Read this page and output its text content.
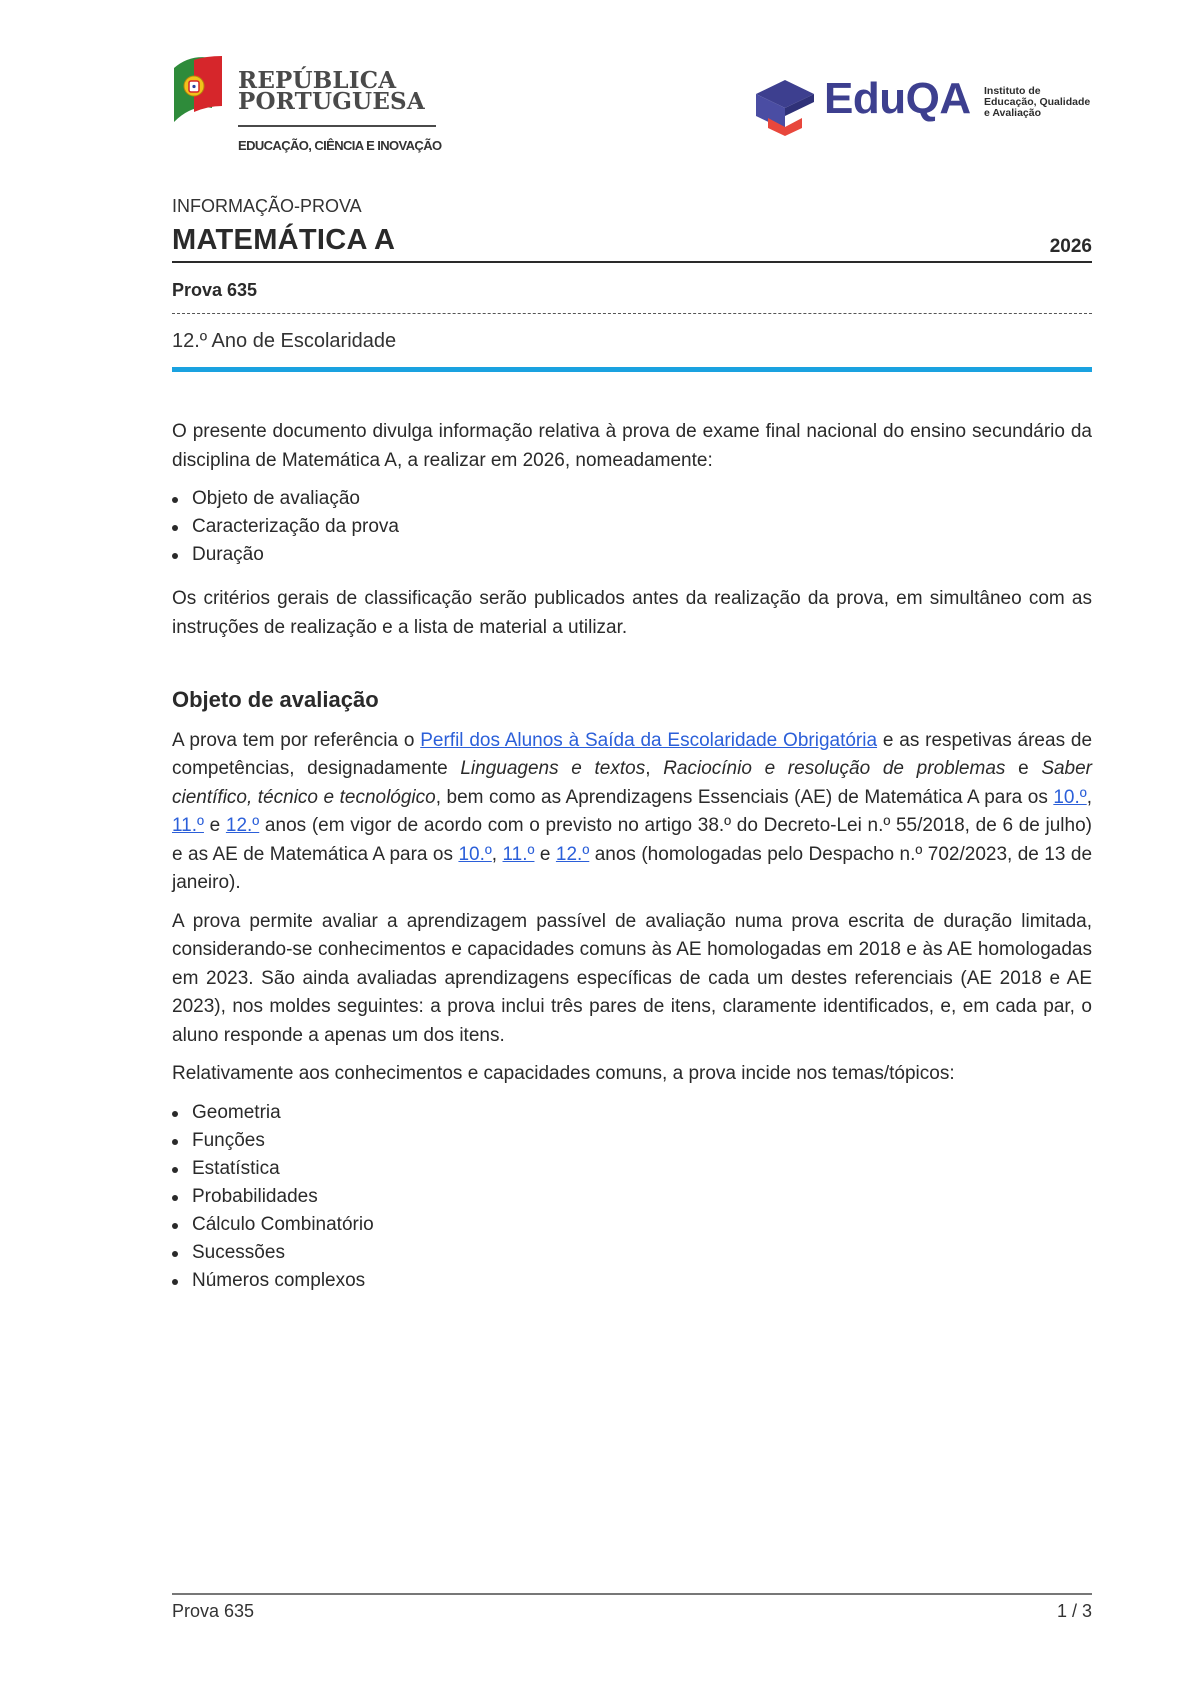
REPÚBLICA
PORTUGUESA
EDUCAÇÃO, CIÊNCIA E INOVAÇÃO
EduQA Instituto de
Educação, Qualidade
e Avaliação
INFORMAÇÃO-PROVA
MATEMÁTICA A	2026
Prova 635
12.º Ano de Escolaridade

O presente documento divulga informação relativa à prova de exame final nacional do ensino secundário da disciplina de Matemática A, a realizar em 2026, nomeadamente:

Objeto de avaliação
Caracterização da prova
Duração

Os critérios gerais de classificação serão publicados antes da realização da prova, em simultâneo com as instruções de realização e a lista de material a utilizar.

Objeto de avaliação

A prova tem por referência o Perfil dos Alunos à Saída da Escolaridade Obrigatória e as respetivas áreas de competências, designadamente Linguagens e textos, Raciocínio e resolução de problemas e Saber científico, técnico e tecnológico, bem como as Aprendizagens Essenciais (AE) de Matemática A para os 10.º, 11.º e 12.º anos (em vigor de acordo com o previsto no artigo 38.º do Decreto-Lei n.º 55/2018, de 6 de julho) e as AE de Matemática A para os 10.º, 11.º e 12.º anos (homologadas pelo Despacho n.º 702/2023, de 13 de janeiro).

A prova permite avaliar a aprendizagem passível de avaliação numa prova escrita de duração limitada, considerando-se conhecimentos e capacidades comuns às AE homologadas em 2018 e às AE homologadas em 2023. São ainda avaliadas aprendizagens específicas de cada um destes referenciais (AE 2018 e AE 2023), nos moldes seguintes: a prova inclui três pares de itens, claramente identificados, e, em cada par, o aluno responde a apenas um dos itens.

Relativamente aos conhecimentos e capacidades comuns, a prova incide nos temas/tópicos:

Geometria
Funções
Estatística
Probabilidades
Cálculo Combinatório
Sucessões
Números complexos
Prova 635	1 / 3
